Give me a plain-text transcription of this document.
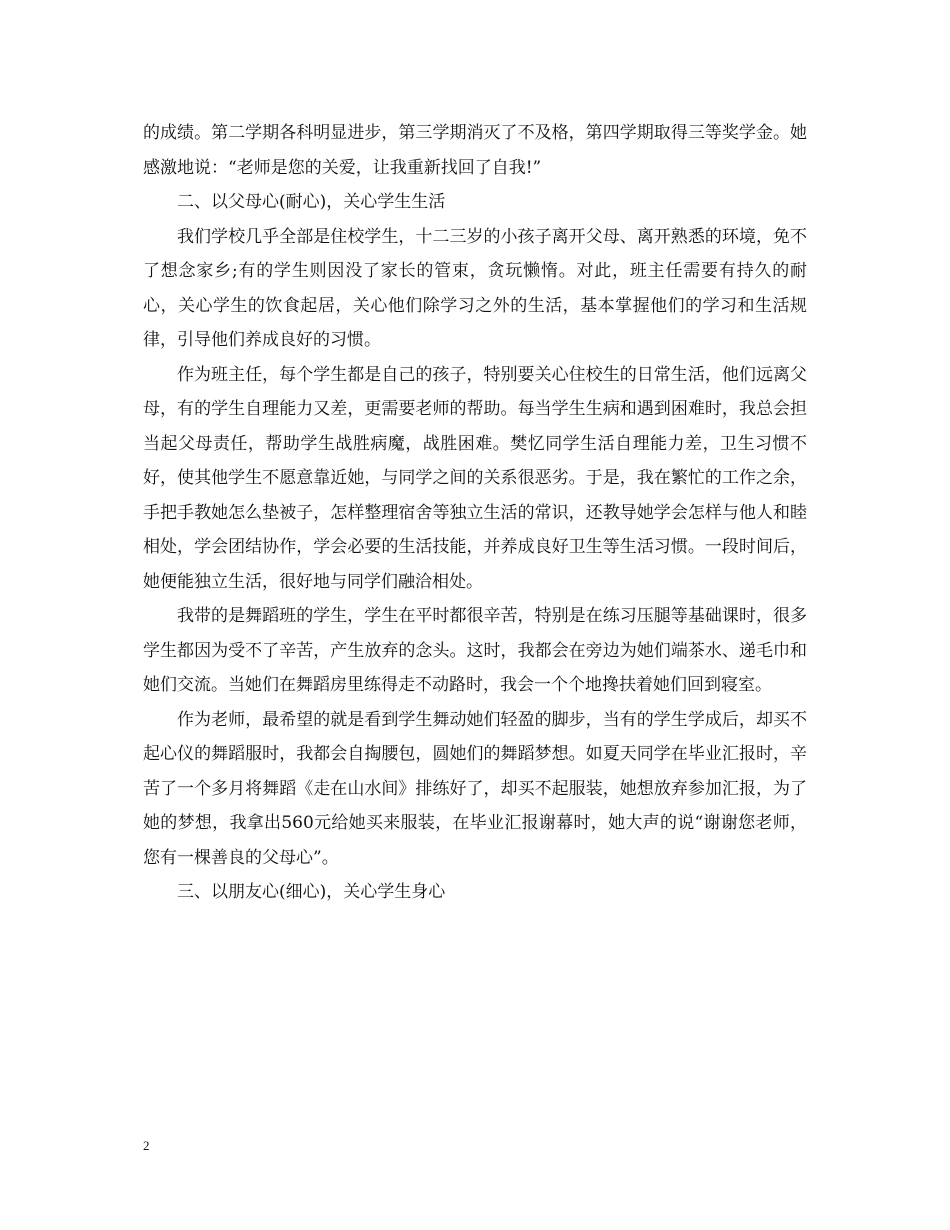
的成绩。第二学期各科明显进步，第三学期消灭了不及格，第四学期取得三等奖学金。她感激地说：“老师是您的关爱，让我重新找回了自我!”

二、以父母心(耐心)，关心学生生活

我们学校几乎全部是住校学生，十二三岁的小孩子离开父母、离开熟悉的环境，免不了想念家乡;有的学生则因没了家长的管束，贪玩懒惰。对此，班主任需要有持久的耐心，关心学生的饮食起居，关心他们除学习之外的生活，基本掌握他们的学习和生活规律，引导他们养成良好的习惯。

作为班主任，每个学生都是自己的孩子，特别要关心住校生的日常生活，他们远离父母，有的学生自理能力又差，更需要老师的帮助。每当学生生病和遇到困难时，我总会担当起父母责任，帮助学生战胜病魔，战胜困难。樊忆同学生活自理能力差，卫生习惯不好，使其他学生不愿意靠近她，与同学之间的关系很恶劣。于是，我在繁忙的工作之余，手把手教她怎么垫被子，怎样整理宿舍等独立生活的常识，还教导她学会怎样与他人和睦相处，学会团结协作，学会必要的生活技能，并养成良好卫生等生活习惯。一段时间后，她便能独立生活，很好地与同学们融洽相处。

我带的是舞蹈班的学生，学生在平时都很辛苦，特别是在练习压腿等基础课时，很多学生都因为受不了辛苦，产生放弃的念头。这时，我都会在旁边为她们端茶水、递毛巾和她们交流。当她们在舞蹈房里练得走不动路时，我会一个个地搀扶着她们回到寝室。

作为老师，最希望的就是看到学生舞动她们轻盈的脚步，当有的学生学成后，却买不起心仪的舞蹈服时，我都会自掏腰包，圆她们的舞蹈梦想。如夏天同学在毕业汇报时，辛苦了一个多月将舞蹈《走在山水间》排练好了，却买不起服装，她想放弃参加汇报，为了她的梦想，我拿出560元给她买来服装，在毕业汇报谢幕时，她大声的说“谢谢您老师，您有一棵善良的父母心”。

三、以朋友心(细心)，关心学生身心

2
